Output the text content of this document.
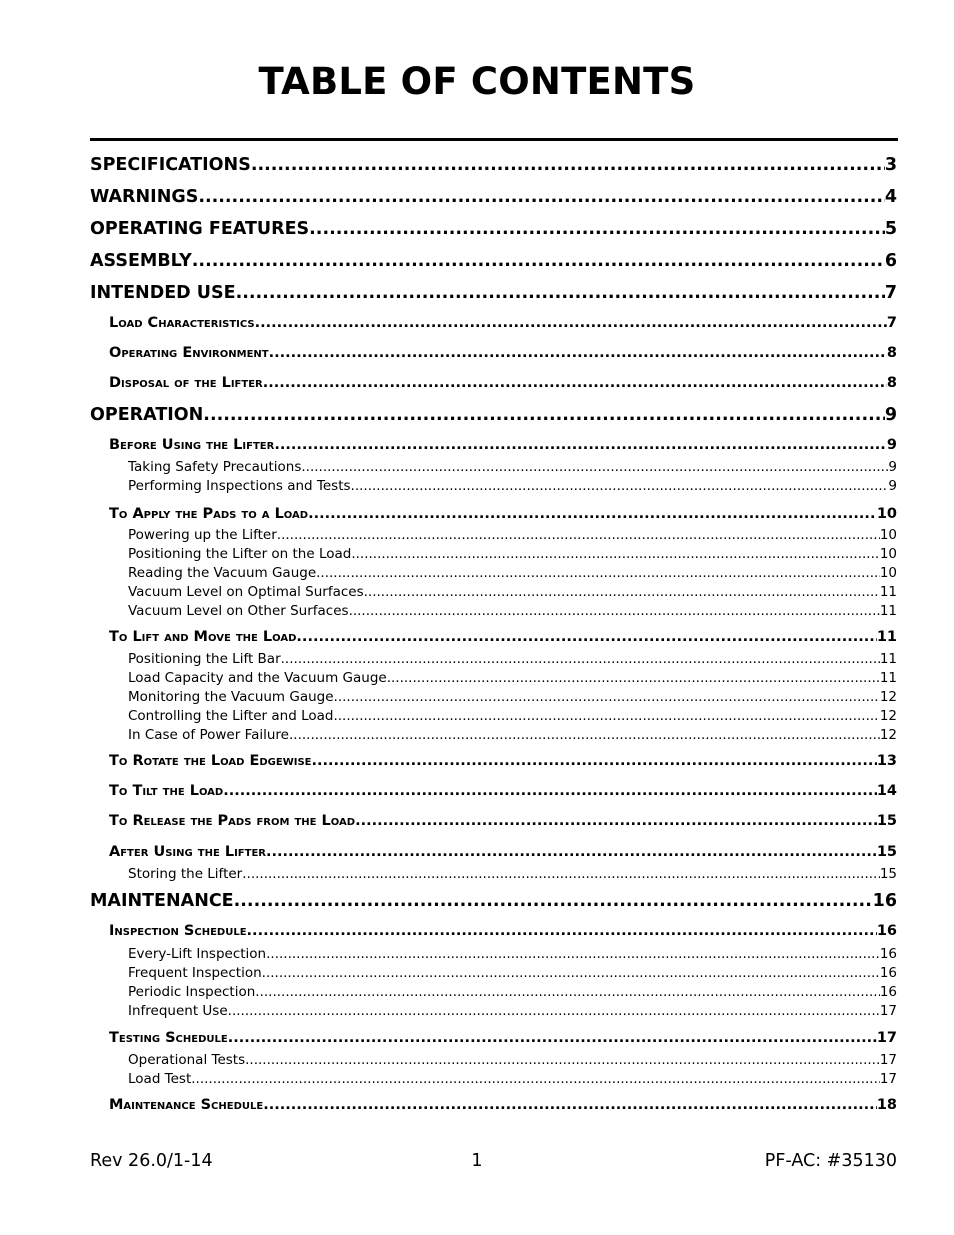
TABLE OF CONTENTS
SPECIFICATIONS .....	3
WARNINGS .....	4
OPERATING FEATURES .....	5
ASSEMBLY .....	6
INTENDED USE .....	7
Load Characteristics .....	7
Operating Environment .....	8
Disposal of the Lifter .....	8
OPERATION .....	9
Before Using the Lifter .....	9
Taking Safety Precautions .....	9
Performing Inspections and Tests .....	9
To Apply the Pads to a Load .....	10
Powering up the Lifter .....	10
Positioning the Lifter on the Load .....	10
Reading the Vacuum Gauge .....	10
Vacuum Level on Optimal Surfaces .....	11
Vacuum Level on Other Surfaces .....	11
To Lift and Move the Load .....	11
Positioning the Lift Bar .....	11
Load Capacity and the Vacuum Gauge .....	11
Monitoring the Vacuum Gauge .....	12
Controlling the Lifter and Load .....	12
In Case of Power Failure .....	12
To Rotate the Load Edgewise .....	13
To Tilt the Load .....	14
To Release the Pads from the Load .....	15
After Using the Lifter .....	15
Storing the Lifter .....	15
MAINTENANCE .....	16
Inspection Schedule .....	16
Every-Lift Inspection .....	16
Frequent Inspection .....	16
Periodic Inspection .....	16
Infrequent Use .....	17
Testing Schedule .....	17
Operational Tests .....	17
Load Test .....	17
Maintenance Schedule .....	18
Rev 26.0/1-14	1	PF-AC: #35130
